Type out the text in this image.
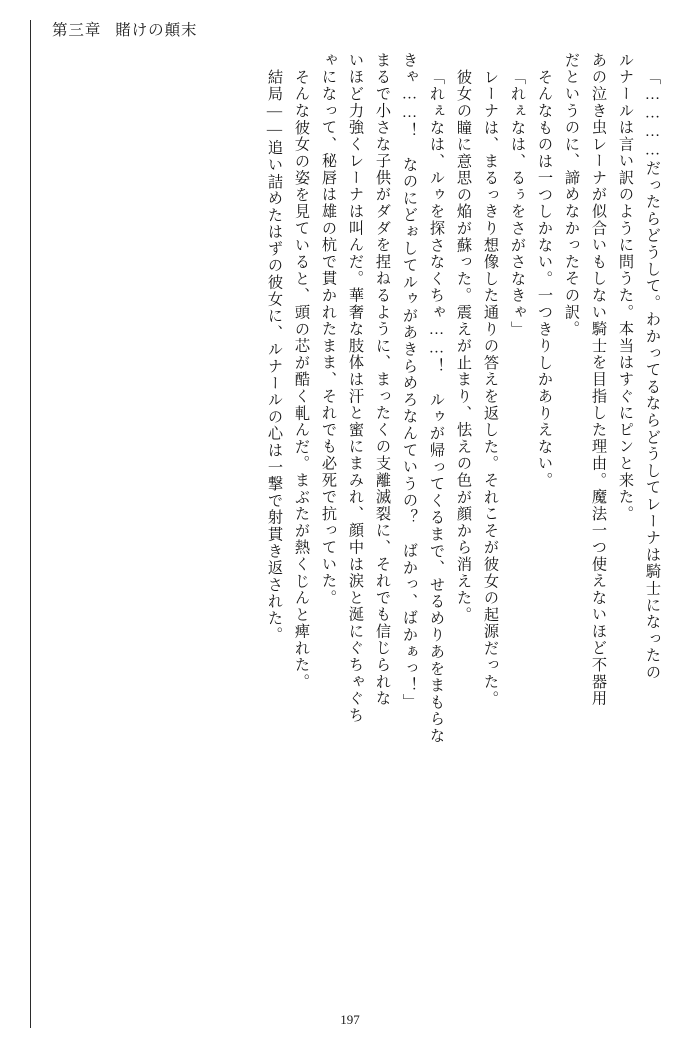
第三章 賭けの顛末
「…………だったらどうして。わかってるならどうしてレーナは騎士になったの
ルナールは言い訳のように問うた。本当はすぐにピンと来た。
あの泣き虫レーナが似合いもしない騎士を目指した理由。魔法一つ使えないほど不器用
だというのに、諦めなかったその訳。
そんなものは一つしかない。一つきりしかありえない。
「れぇなは、るぅをさがさなきゃ」
レーナは、まるっきり想像した通りの答えを返した。それこそが彼女の起源だった。
彼女の瞳に意思の焔が蘇った。震えが止まり、怯えの色が顔から消えた。
「れぇなは、ルゥを探さなくちゃ……！　ルゥが帰ってくるまで、せるめりあをまもらな
きゃ……！　なのにどぉしてルゥがあきらめろなんていうの？　ばかっ、ばかぁっ！」
まるで小さな子供がダダを捏ねるように、まったくの支離滅裂に、それでも信じられな
いほど力強くレーナは叫んだ。華奢な肢体は汗と蜜にまみれ、顔中は涙と涎にぐちゃぐち
ゃになって、秘唇は雄の杭で貫かれたまま、それでも必死で抗っていた。
そんな彼女の姿を見ていると、頭の芯が酷く軋んだ。まぶたが熱くじんと痺れた。
結局——追い詰めたはずの彼女に、ルナールの心は一撃で射貫き返された。
197
